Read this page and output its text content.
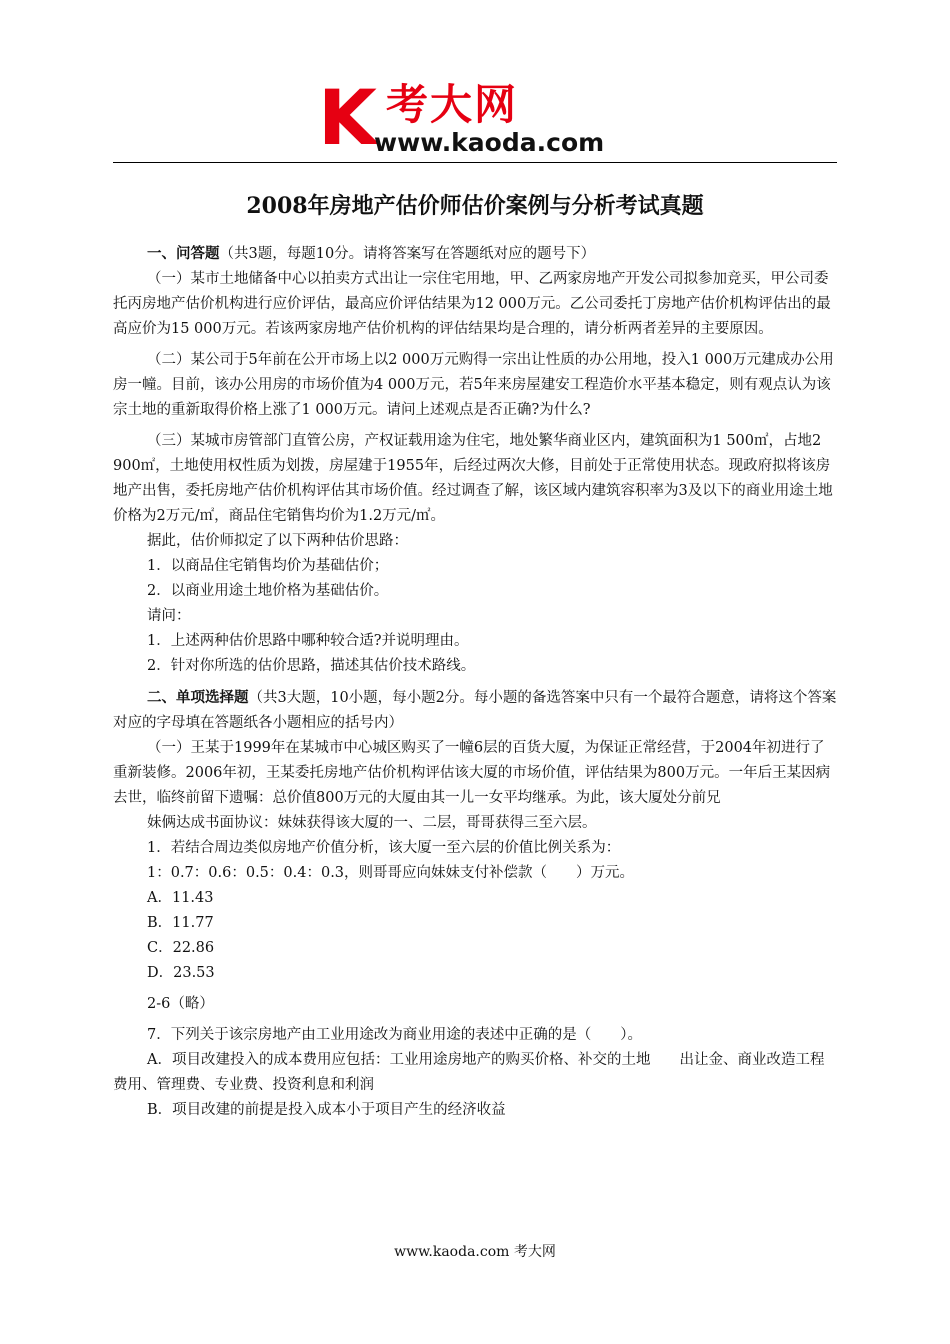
K 考大网
www.kaoda.com
2008年房地产估价师估价案例与分析考试真题

一、问答题（共3题，每题10分。请将答案写在答题纸对应的题号下）

（一）某市土地储备中心以拍卖方式出让一宗住宅用地，甲、乙两家房地产开发公司拟参加竞买，甲公司委托丙房地产估价机构进行应价评估，最高应价评估结果为12 000万元。乙公司委托丁房地产估价机构评估出的最高应价为15 000万元。若该两家房地产估价机构的评估结果均是合理的，请分析两者差异的主要原因。

（二）某公司于5年前在公开市场上以2 000万元购得一宗出让性质的办公用地，投入1 000万元建成办公用房一幢。目前，该办公用房的市场价值为4 000万元，若5年来房屋建安工程造价水平基本稳定，则有观点认为该宗土地的重新取得价格上涨了1 000万元。请问上述观点是否正确?为什么?

（三）某城市房管部门直管公房，产权证载用途为住宅，地处繁华商业区内，建筑面积为1 500㎡，占地2 900㎡，土地使用权性质为划拨，房屋建于1955年，后经过两次大修，目前处于正常使用状态。现政府拟将该房地产出售，委托房地产估价机构评估其市场价值。经过调查了解，该区域内建筑容积率为3及以下的商业用途土地价格为2万元/㎡，商品住宅销售均价为1.2万元/㎡。

据此，估价师拟定了以下两种估价思路：

1．以商品住宅销售均价为基础估价；

2．以商业用途土地价格为基础估价。

请问：

1．上述两种估价思路中哪种较合适?并说明理由。

2．针对你所选的估价思路，描述其估价技术路线。

二、单项选择题（共3大题，10小题，每小题2分。每小题的备选答案中只有一个最符合题意，请将这个答案对应的字母填在答题纸各小题相应的括号内）

（一）王某于1999年在某城市中心城区购买了一幢6层的百货大厦，为保证正常经营，于2004年初进行了重新装修。2006年初，王某委托房地产估价机构评估该大厦的市场价值，评估结果为800万元。一年后王某因病去世，临终前留下遗嘱：总价值800万元的大厦由其一儿一女平均继承。为此，该大厦处分前兄

妹俩达成书面协议：妹妹获得该大厦的一、二层，哥哥获得三至六层。

1．若结合周边类似房地产价值分析，该大厦一至六层的价值比例关系为：

1：0.7：0.6：0.5：0.4：0.3，则哥哥应向妹妹支付补偿款（　　）万元。

A．11.43

B．11.77

C．22.86

D．23.53

2-6（略）

7．下列关于该宗房地产由工业用途改为商业用途的表述中正确的是（　　）。

A．项目改建投入的成本费用应包括：工业用途房地产的购买价格、补交的土地　　出让金、商业改造工程费用、管理费、专业费、投资利息和利润

B．项目改建的前提是投入成本小于项目产生的经济收益

www.kaoda.com 考大网
